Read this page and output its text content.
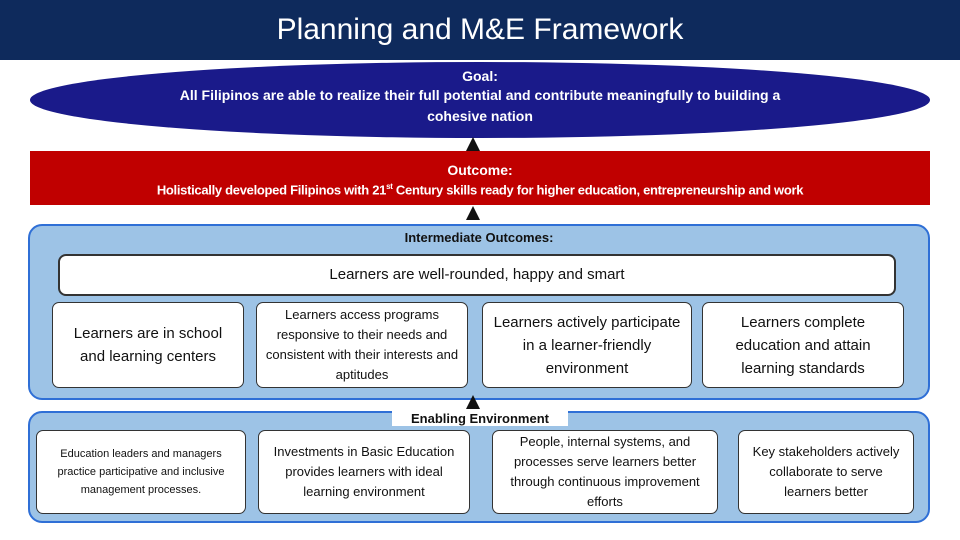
Planning and M&E Framework
Goal:
All Filipinos are able to realize their full potential and contribute meaningfully to building a cohesive nation
Outcome:
Holistically developed Filipinos with 21st Century skills ready for higher education, entrepreneurship and work
Intermediate Outcomes:
Learners are well-rounded, happy and smart
Learners are in school and learning centers
Learners access programs responsive to their needs and consistent with their interests and aptitudes
Learners actively participate in a learner-friendly environment
Learners complete education and attain learning standards
Enabling Environment
Education leaders and managers practice participative and inclusive management processes.
Investments in Basic Education provides learners with ideal learning environment
People, internal systems, and processes serve learners better through continuous improvement efforts
Key stakeholders actively collaborate to serve learners better
